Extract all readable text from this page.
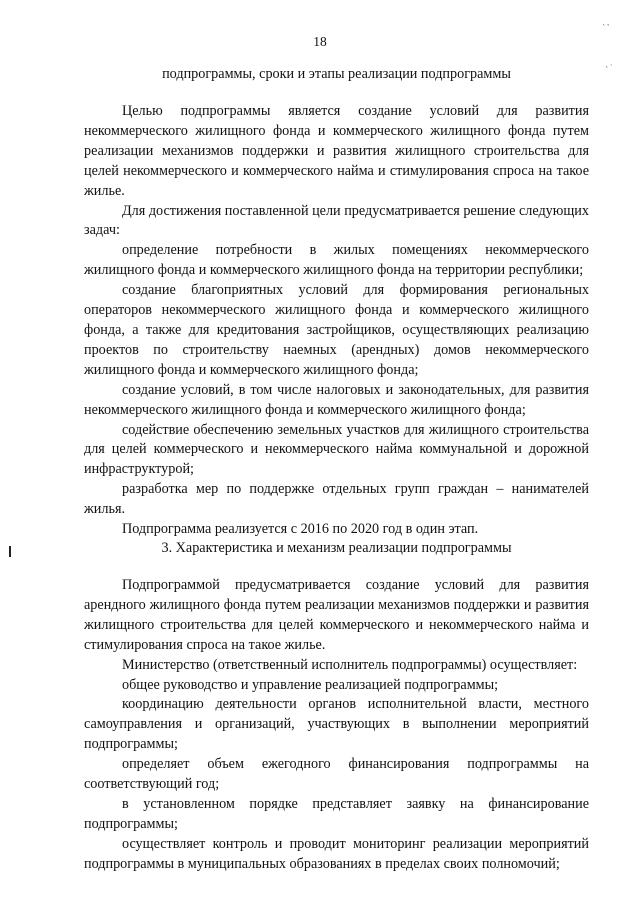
18
˛ ˳
˛ ˴
подпрограммы, сроки и этапы реализации подпрограммы

Целью подпрограммы является создание условий для развития некоммерческого жилищного фонда и коммерческого жилищного фонда путем реализации механизмов поддержки и развития жилищного строительства для целей некоммерческого и коммерческого найма и стимулирования спроса на такое жилье.

Для достижения поставленной цели предусматривается решение следующих задач:

определение потребности в жилых помещениях некоммерческого жилищного фонда и коммерческого жилищного фонда на территории республики;

создание благоприятных условий для формирования региональных операторов некоммерческого жилищного фонда и коммерческого жилищного фонда, а также для кредитования застройщиков, осуществляющих реализацию проектов по строительству наемных (арендных) домов некоммерческого жилищного фонда и коммерческого жилищного фонда;

создание условий, в том числе налоговых и законодательных, для развития некоммерческого жилищного фонда и коммерческого жилищного фонда;

содействие обеспечению земельных участков для жилищного строительства для целей коммерческого и некоммерческого найма коммунальной и дорожной инфраструктурой;

разработка мер по поддержке отдельных групп граждан – нанимателей жилья.

Подпрограмма реализуется с 2016 по 2020 год в один этап.

3. Характеристика и механизм реализации подпрограммы

Подпрограммой предусматривается создание условий для развития арендного жилищного фонда путем реализации механизмов поддержки и развития жилищного строительства для целей коммерческого и некоммерческого найма и стимулирования спроса на такое жилье.

Министерство (ответственный исполнитель подпрограммы) осуществляет:

общее руководство и управление реализацией подпрограммы;

координацию деятельности органов исполнительной власти, местного самоуправления и организаций, участвующих в выполнении мероприятий подпрограммы;

определяет объем ежегодного финансирования подпрограммы на соответствующий год;

в установленном порядке представляет заявку на финансирование подпрограммы;

осуществляет контроль и проводит мониторинг реализации мероприятий подпрограммы в муниципальных образованиях в пределах своих полномочий;
